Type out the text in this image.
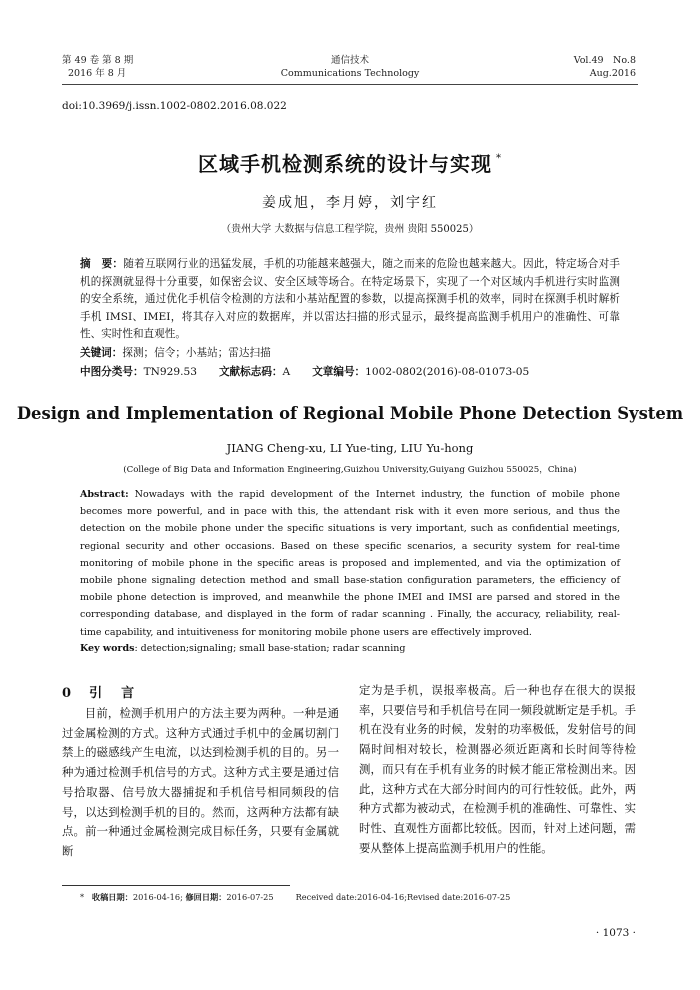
第 49 卷 第 8 期
2016 年 8 月
通信技术
Communications Technology
Vol.49　No.8
Aug.2016
doi:10.3969/j.issn.1002-0802.2016.08.022
区域手机检测系统的设计与实现 *
姜成旭，李月婷，刘宇红
（贵州大学 大数据与信息工程学院，贵州 贵阳 550025）
摘　要：随着互联网行业的迅猛发展，手机的功能越来越强大，随之而来的危险也越来越大。因此，特定场合对手机的探测就显得十分重要，如保密会议、安全区域等场合。在特定场景下，实现了一个对区域内手机进行实时监测的安全系统，通过优化手机信令检测的方法和小基站配置的参数，以提高探测手机的效率，同时在探测手机时解析手机 IMSI、IMEI，将其存入对应的数据库，并以雷达扫描的形式显示，最终提高监测手机用户的准确性、可靠性、实时性和直观性。
关键词：探测；信令；小基站；雷达扫描
中图分类号：TN929.53 文献标志码：A 文章编号：1002-0802(2016)-08-01073-05
Design and Implementation of Regional Mobile Phone Detection System
JIANG Cheng-xu, LI Yue-ting, LIU Yu-hong
(College of Big Data and Information Engineering,Guizhou University,Guiyang Guizhou 550025，China)
Abstract: Nowadays with the rapid development of the Internet industry, the function of mobile phone becomes more powerful, and in pace with this, the attendant risk with it even more serious, and thus the detection on the mobile phone under the specific situations is very important, such as confidential meetings, regional security and other occasions. Based on these specific scenarios, a security system for real-time monitoring of mobile phone in the specific areas is proposed and implemented, and via the optimization of mobile phone signaling detection method and small base-station configuration parameters, the efficiency of mobile phone detection is improved, and meanwhile the phone IMEI and IMSI are parsed and stored in the corresponding database, and displayed in the form of radar scanning . Finally, the accuracy, reliability, real-time capability, and intuitiveness for monitoring mobile phone users are effectively improved.
Key words: detection;signaling; small base-station; radar scanning
0 引　言

目前，检测手机用户的方法主要为两种。一种是通过金属检测的方式。这种方式通过手机中的金属切割门禁上的磁感线产生电流，以达到检测手机的目的。另一种为通过检测手机信号的方式。这种方式主要是通过信号拾取器、信号放大器捕捉和手机信号相同频段的信号，以达到检测手机的目的。然而，这两种方法都有缺点。前一种通过金属检测完成目标任务，只要有金属就断

定为是手机，误报率极高。后一种也存在很大的误报率，只要信号和手机信号在同一频段就断定是手机。手机在没有业务的时候，发射的功率极低，发射信号的间隔时间相对较长，检测器必须近距离和长时间等待检测，而只有在手机有业务的时候才能正常检测出来。因此，这种方式在大部分时间内的可行性较低。此外，两种方式都为被动式，在检测手机的准确性、可靠性、实时性、直观性方面都比较低。因而，针对上述问题，需要从整体上提高监测手机用户的性能。

* 收稿日期：2016-04-16; 修回日期：2016-07-25	Received date:2016-04-16;Revised date:2016-07-25
· 1073 ·
